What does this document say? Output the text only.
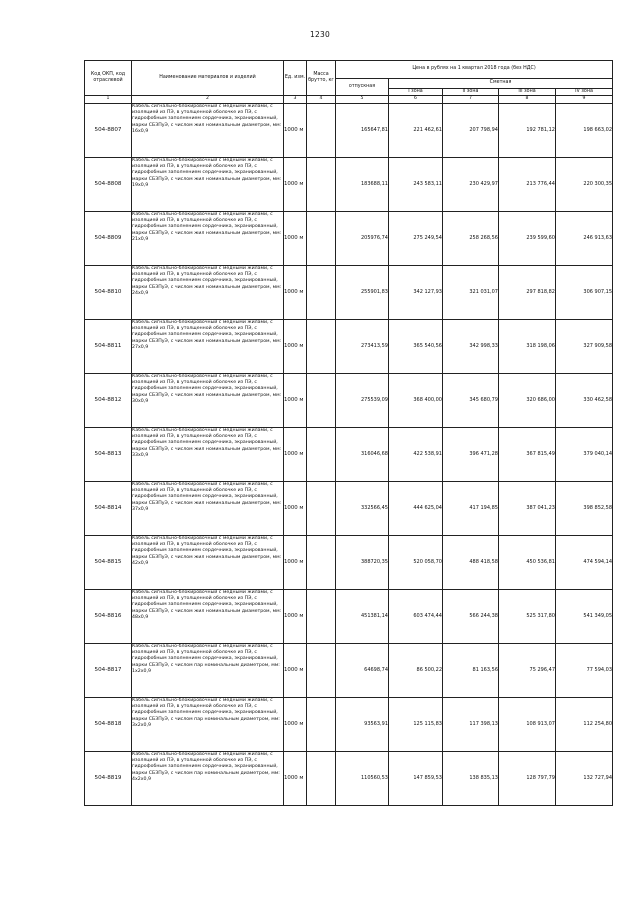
1230
Код ОКП, код отраслевой	Наименование материалов и изделий	Ед. изм.	Масса брутто, кг	Цена в рублях на 1 квартал 2018 года (без НДС)				
				отпускная	Сметная			
					I зона	II зона	III зона	IV зона
1	2	3	4	5	6	7	8	9
504-8807	Кабель сигнально-блокировочный с медными жилами, с изоляцией из ПЭ, в утолщенной оболочке из ПЭ, с гидрофобным заполнением сердечника, экранированный, марки СБЗПуЭ, с числом жил номинальным диаметром, мм: 16х0,9	1000 м		165647,81	221 462,61	207 798,94	192 781,12	198 663,02
504-8808	Кабель сигнально-блокировочный с медными жилами, с изоляцией из ПЭ, в утолщенной оболочке из ПЭ, с гидрофобным заполнением сердечника, экранированный, марки СБЗПуЭ, с числом жил номинальным диаметром, мм: 19х0,9	1000 м		183688,11	243 583,11	230 429,97	213 776,44	220 300,35
504-8809	Кабель сигнально-блокировочный с медными жилами, с изоляцией из ПЭ, в утолщенной оболочке из ПЭ, с гидрофобным заполнением сердечника, экранированный, марки СБЗПуЭ, с числом жил номинальным диаметром, мм: 21х0,9	1000 м		205976,74	275 249,54	258 268,56	239 599,60	246 913,63
504-8810	Кабель сигнально-блокировочный с медными жилами, с изоляцией из ПЭ, в утолщенной оболочке из ПЭ, с гидрофобным заполнением сердечника, экранированный, марки СБЗПуЭ, с числом жил номинальным диаметром, мм: 24х0,9	1000 м		255901,83	342 127,93	321 031,07	297 818,82	306 907,15
504-8811	Кабель сигнально-блокировочный с медными жилами, с изоляцией из ПЭ, в утолщенной оболочке из ПЭ, с гидрофобным заполнением сердечника, экранированный, марки СБЗПуЭ, с числом жил номинальным диаметром, мм: 27х0,9	1000 м		273413,59	365 540,56	342 998,33	318 198,06	327 909,58
504-8812	Кабель сигнально-блокировочный с медными жилами, с изоляцией из ПЭ, в утолщенной оболочке из ПЭ, с гидрофобным заполнением сердечника, экранированный, марки СБЗПуЭ, с числом жил номинальным диаметром, мм: 30х0,9	1000 м		275539,09	368 400,00	345 680,79	320 686,00	330 462,58
504-8813	Кабель сигнально-блокировочный с медными жилами, с изоляцией из ПЭ, в утолщенной оболочке из ПЭ, с гидрофобным заполнением сердечника, экранированный, марки СБЗПуЭ, с числом жил номинальным диаметром, мм: 33х0,9	1000 м		316046,68	422 538,91	396 471,28	367 815,49	379 040,14
504-8814	Кабель сигнально-блокировочный с медными жилами, с изоляцией из ПЭ, в утолщенной оболочке из ПЭ, с гидрофобным заполнением сердечника, экранированный, марки СБЗПуЭ, с числом жил номинальным диаметром, мм: 37х0,9	1000 м		332566,45	444 625,04	417 194,85	387 041,23	398 852,58
504-8815	Кабель сигнально-блокировочный с медными жилами, с изоляцией из ПЭ, в утолщенной оболочке из ПЭ, с гидрофобным заполнением сердечника, экранированный, марки СБЗПуЭ, с числом жил номинальным диаметром, мм: 42х0,9	1000 м		388720,35	520 058,70	488 418,58	450 536,81	474 594,14
504-8816	Кабель сигнально-блокировочный с медными жилами, с изоляцией из ПЭ, в утолщенной оболочке из ПЭ, с гидрофобным заполнением сердечника, экранированный, марки СБЗПуЭ, с числом жил номинальным диаметром, мм: 48х0,9	1000 м		451381,14	603 474,44	566 244,38	525 317,80	541 349,05
504-8817	Кабель сигнально-блокировочный с медными жилами, с изоляцией из ПЭ, в утолщенной оболочке из ПЭ, с гидрофобным заполнением сердечника, экранированный, марки СБЗПуЭ, с числом пар номинальным диаметром, мм: 1х2х0,9	1000 м		64698,74	86 500,22	81 163,56	75 296,47	77 594,03
504-8818	Кабель сигнально-блокировочный с медными жилами, с изоляцией из ПЭ, в утолщенной оболочке из ПЭ, с гидрофобным заполнением сердечника, экранированный, марки СБЗПуЭ, с числом пар номинальным диаметром, мм: 3х2х0,9	1000 м		93563,91	125 115,83	117 398,13	108 913,07	112 254,80
504-8819	Кабель сигнально-блокировочный с медными жилами, с изоляцией из ПЭ, в утолщенной оболочке из ПЭ, с гидрофобным заполнением сердечника, экранированный, марки СБЗПуЭ, с числом пар номинальным диаметром, мм: 4х2х0,9	1000 м		110560,53	147 859,53	138 835,13	128 797,79	132 727,94
